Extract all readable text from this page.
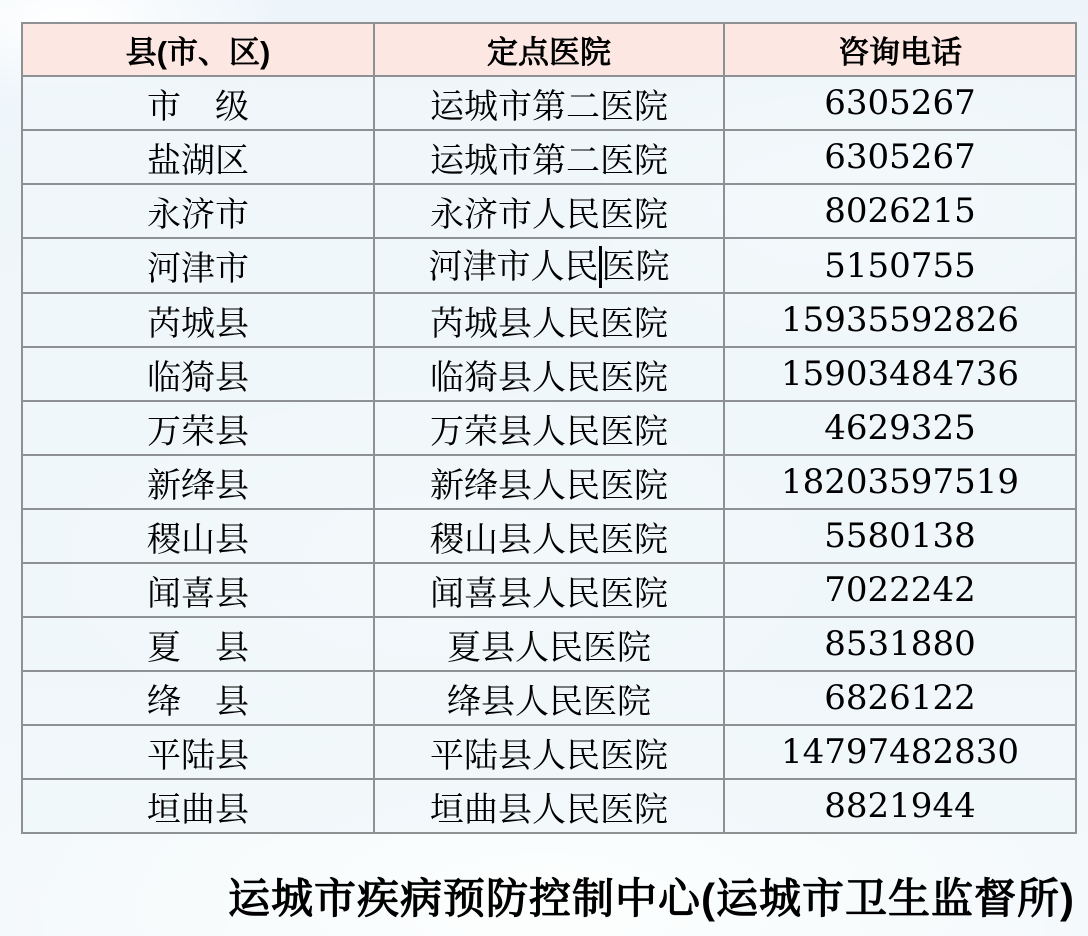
县(市、区)	定点医院	咨询电话
市　级	运城市第二医院	6305267
盐湖区	运城市第二医院	6305267
永济市	永济市人民医院	8026215
河津市	河津市人民医院	5150755
芮城县	芮城县人民医院	15935592826
临猗县	临猗县人民医院	15903484736
万荣县	万荣县人民医院	4629325
新绛县	新绛县人民医院	18203597519
稷山县	稷山县人民医院	5580138
闻喜县	闻喜县人民医院	7022242
夏　县	夏县人民医院	8531880
绛　县	绛县人民医院	6826122
平陆县	平陆县人民医院	14797482830
垣曲县	垣曲县人民医院	8821944
运城市疾病预防控制中心(运城市卫生监督所)
